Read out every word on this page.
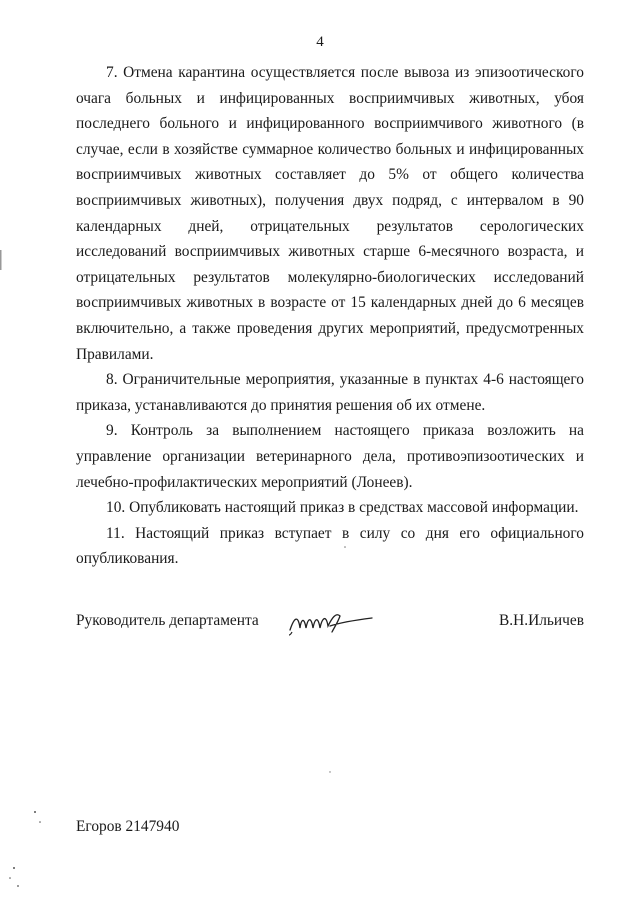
4

7. Отмена карантина осуществляется после вывоза из эпизоотического очага больных и инфицированных восприимчивых животных, убоя последнего больного и инфицированного восприимчивого животного (в случае, если в хозяйстве суммарное количество больных и инфицированных восприимчивых животных составляет до 5% от общего количества восприимчивых животных), получения двух подряд, с интервалом в 90 календарных дней, отрицательных результатов серологических исследований восприимчивых животных старше 6-месячного возраста, и отрицательных результатов молекулярно-биологических исследований восприимчивых животных в возрасте от 15 календарных дней до 6 месяцев включительно, а также проведения других мероприятий, предусмотренных Правилами.

8. Ограничительные мероприятия, указанные в пунктах 4-6 настоящего приказа, устанавливаются до принятия решения об их отмене.

9. Контроль за выполнением настоящего приказа возложить на управление организации ветеринарного дела, противоэпизоотических и лечебно-профилактических мероприятий (Лонеев).

10. Опубликовать настоящий приказ в средствах массовой информации.

11. Настоящий приказ вступает в силу со дня его официального опубликования.

Руководитель департамента	В.Н.Ильичев
Егоров 2147940
